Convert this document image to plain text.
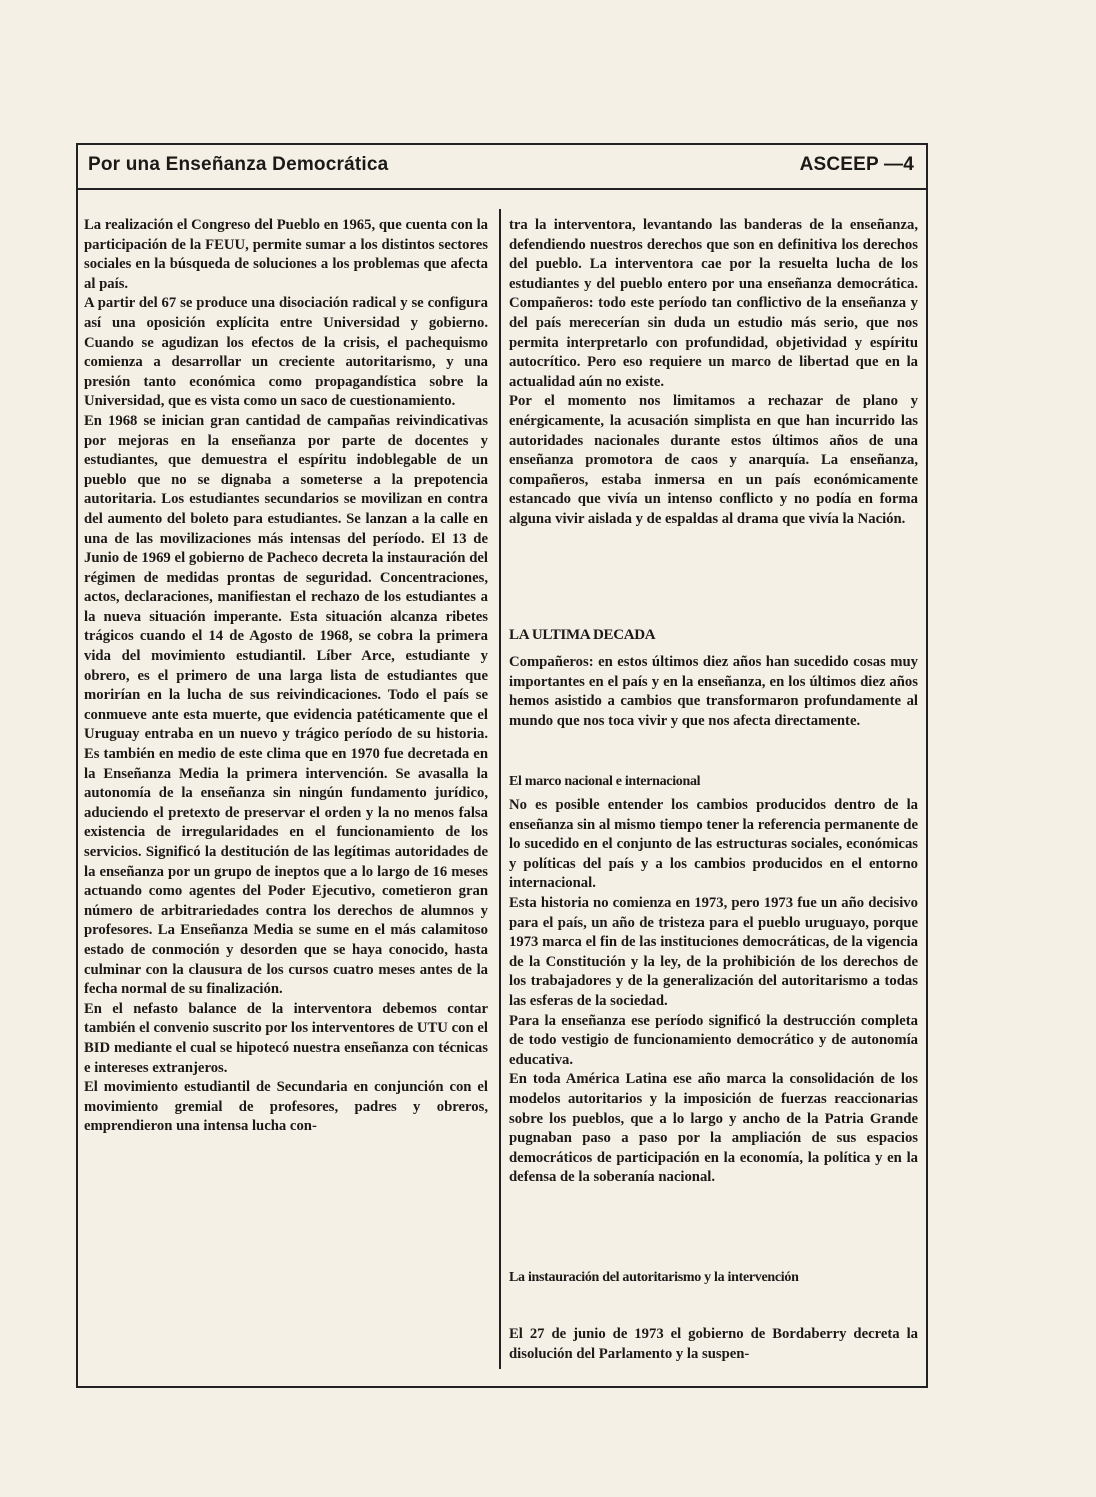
Por una Enseñanza Democrática	ASCEEP —4

La realización el Congreso del Pueblo en 1965, que cuenta con la participación de la FEUU, permite sumar a los distintos sectores sociales en la búsqueda de soluciones a los problemas que afecta al país.

A partir del 67 se produce una disociación radical y se configura así una oposición explícita entre Universidad y gobierno. Cuando se agudizan los efectos de la crisis, el pachequismo comienza a desarrollar un creciente autoritarismo, y una presión tanto económica como propagandística sobre la Universidad, que es vista como un saco de cuestionamiento.

En 1968 se inician gran cantidad de campañas reivindicativas por mejoras en la enseñanza por parte de docentes y estudiantes, que demuestra el espíritu indoblegable de un pueblo que no se dignaba a someterse a la prepotencia autoritaria. Los estudiantes secundarios se movilizan en contra del aumento del boleto para estudiantes. Se lanzan a la calle en una de las movilizaciones más intensas del período. El 13 de Junio de 1969 el gobierno de Pacheco decreta la instauración del régimen de medidas prontas de seguridad. Concentraciones, actos, declaraciones, manifiestan el rechazo de los estudiantes a la nueva situación imperante. Esta situación alcanza ribetes trágicos cuando el 14 de Agosto de 1968, se cobra la primera vida del movimiento estudiantil. Líber Arce, estudiante y obrero, es el primero de una larga lista de estudiantes que morirían en la lucha de sus reivindicaciones. Todo el país se conmueve ante esta muerte, que evidencia patéticamente que el Uruguay entraba en un nuevo y trágico período de su historia. Es también en medio de este clima que en 1970 fue decretada en la Enseñanza Media la primera intervención. Se avasalla la autonomía de la enseñanza sin ningún fundamento jurídico, aduciendo el pretexto de preservar el orden y la no menos falsa existencia de irregularidades en el funcionamiento de los servicios. Significó la destitución de las legítimas autoridades de la enseñanza por un grupo de ineptos que a lo largo de 16 meses actuando como agentes del Poder Ejecutivo, cometieron gran número de arbitrariedades contra los derechos de alumnos y profesores. La Enseñanza Media se sume en el más calamitoso estado de conmoción y desorden que se haya conocido, hasta culminar con la clausura de los cursos cuatro meses antes de la fecha normal de su finalización.

En el nefasto balance de la interventora debemos contar también el convenio suscrito por los interventores de UTU con el BID mediante el cual se hipotecó nuestra enseñanza con técnicas e intereses extranjeros.

El movimiento estudiantil de Secundaria en conjunción con el movimiento gremial de profesores, padres y obreros, emprendieron una intensa lucha con-

tra la interventora, levantando las banderas de la enseñanza, defendiendo nuestros derechos que son en definitiva los derechos del pueblo. La interventora cae por la resuelta lucha de los estudiantes y del pueblo entero por una enseñanza democrática. Compañeros: todo este período tan conflictivo de la enseñanza y del país merecerían sin duda un estudio más serio, que nos permita interpretarlo con profundidad, objetividad y espíritu autocrítico. Pero eso requiere un marco de libertad que en la actualidad aún no existe.

Por el momento nos limitamos a rechazar de plano y enérgicamente, la acusación simplista en que han incurrido las autoridades nacionales durante estos últimos años de una enseñanza promotora de caos y anarquía. La enseñanza, compañeros, estaba inmersa en un país económicamente estancado que vivía un intenso conflicto y no podía en forma alguna vivir aislada y de espaldas al drama que vivía la Nación.

LA ULTIMA DECADA

Compañeros: en estos últimos diez años han sucedido cosas muy importantes en el país y en la enseñanza, en los últimos diez años hemos asistido a cambios que transformaron profundamente al mundo que nos toca vivir y que nos afecta directamente.

El marco nacional e internacional

No es posible entender los cambios producidos dentro de la enseñanza sin al mismo tiempo tener la referencia permanente de lo sucedido en el conjunto de las estructuras sociales, económicas y políticas del país y a los cambios producidos en el entorno internacional.

Esta historia no comienza en 1973, pero 1973 fue un año decisivo para el país, un año de tristeza para el pueblo uruguayo, porque 1973 marca el fin de las instituciones democráticas, de la vigencia de la Constitución y la ley, de la prohibición de los derechos de los trabajadores y de la generalización del autoritarismo a todas las esferas de la sociedad.

Para la enseñanza ese período significó la destrucción completa de todo vestigio de funcionamiento democrático y de autonomía educativa.

En toda América Latina ese año marca la consolidación de los modelos autoritarios y la imposición de fuerzas reaccionarias sobre los pueblos, que a lo largo y ancho de la Patria Grande pugnaban paso a paso por la ampliación de sus espacios democráticos de participación en la economía, la política y en la defensa de la soberanía nacional.

La instauración del autoritarismo y la intervención

El 27 de junio de 1973 el gobierno de Bordaberry decreta la disolución del Parlamento y la suspen-
